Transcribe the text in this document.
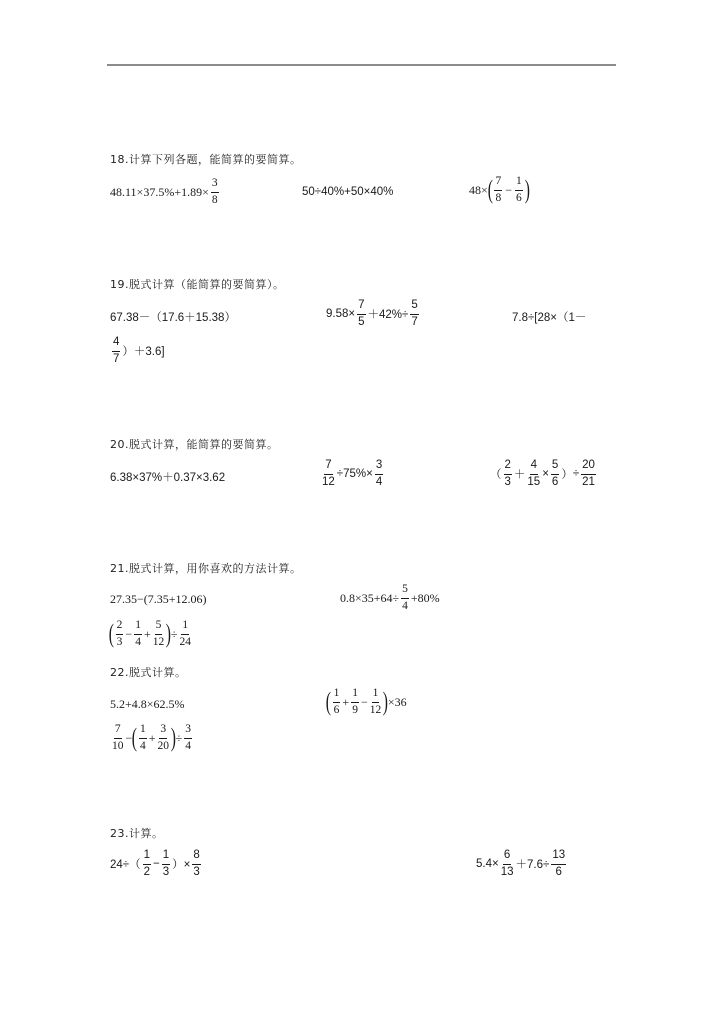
18.计算下列各题，能简算的要简算。
$48.11\times 37.5\%+1.89\times \frac{3}{8}$	50÷40%+50×40%	48× ( $\frac{7}{8} - \frac{1}{6}$ )
19.脱式计算（能简算的要简算）。
67.38－（17.6＋15.38）	$9.58\times \frac{7}{5} +42\%\div \frac{5}{7}$	7.8÷[28×（1－
$\frac{4}{7} )+3.6$]
20.脱式计算，能简算的要简算。
6.38×37%＋0.37×3.62	$\frac{7}{12} \div 75\%\times \frac{3}{4}$	（ $\frac{2}{3} + \frac{4}{15} \times \frac{5}{6}$ ） ÷ $\frac{20}{21}$
21.脱式计算，用你喜欢的方法计算。
27.35−(7.35+12.06)	$0.8\times 35+64\div \frac{5}{4} +80\%$
( $\frac{2}{3} - \frac{1}{4} + \frac{5}{12}$ ) ÷ $\frac{1}{24}$
22.脱式计算。
5.2+4.8×62.5%	( $\frac{1}{6} + \frac{1}{9} - \frac{1}{12}$ ) ×36
$\frac{7}{10}$ − ( $\frac{1}{4} + \frac{3}{20}$ ) ÷ $\frac{3}{4}$
23.计算。
$24\div( \frac{1}{2} - \frac{1}{3}$ ）× $\frac{8}{3}$	$5.4\times \frac{6}{13} +7.6\div \frac{13}{6}$
